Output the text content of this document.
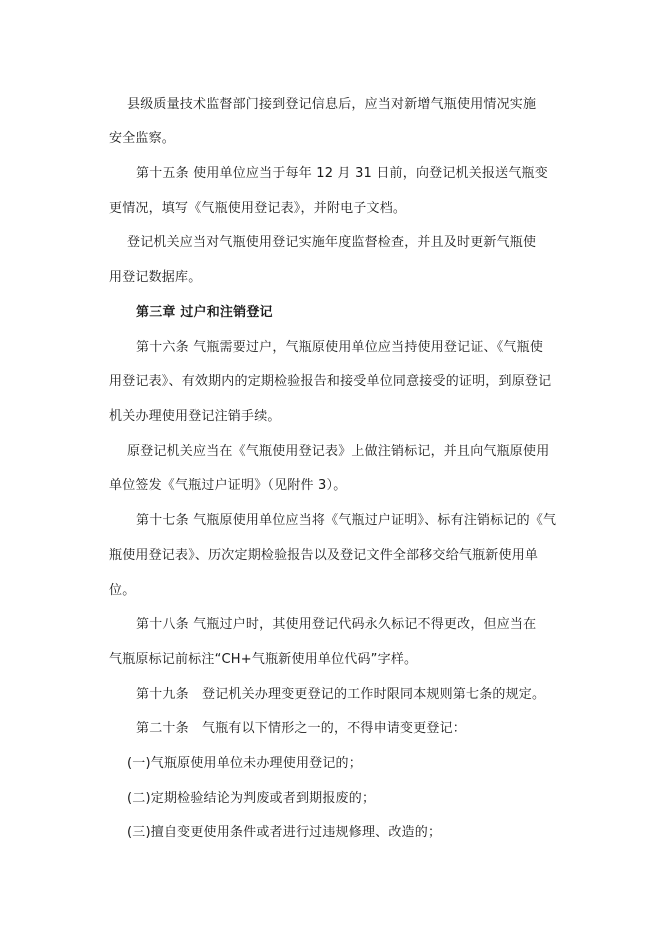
县级质量技术监督部门接到登记信息后，应当对新增气瓶使用情况实施
安全监察。
第十五条 使用单位应当于每年 12 月 31 日前，向登记机关报送气瓶变
更情况，填写《气瓶使用登记表》，并附电子文档。
登记机关应当对气瓶使用登记实施年度监督检查，并且及时更新气瓶使
用登记数据库。
第三章 过户和注销登记
第十六条 气瓶需要过户，气瓶原使用单位应当持使用登记证、《气瓶使
用登记表》、有效期内的定期检验报告和接受单位同意接受的证明，到原登记
机关办理使用登记注销手续。
原登记机关应当在《气瓶使用登记表》上做注销标记，并且向气瓶原使用
单位签发《气瓶过户证明》（见附件 3）。
第十七条 气瓶原使用单位应当将《气瓶过户证明》、标有注销标记的《气
瓶使用登记表》、历次定期检验报告以及登记文件全部移交给气瓶新使用单
位。
第十八条 气瓶过户时，其使用登记代码永久标记不得更改，但应当在
气瓶原标记前标注“CH+气瓶新使用单位代码”字样。
第十九条　登记机关办理变更登记的工作时限同本规则第七条的规定。
第二十条　气瓶有以下情形之一的，不得申请变更登记：
(一)气瓶原使用单位未办理使用登记的；
(二)定期检验结论为判废或者到期报废的；
(三)擅自变更使用条件或者进行过违规修理、改造的；
